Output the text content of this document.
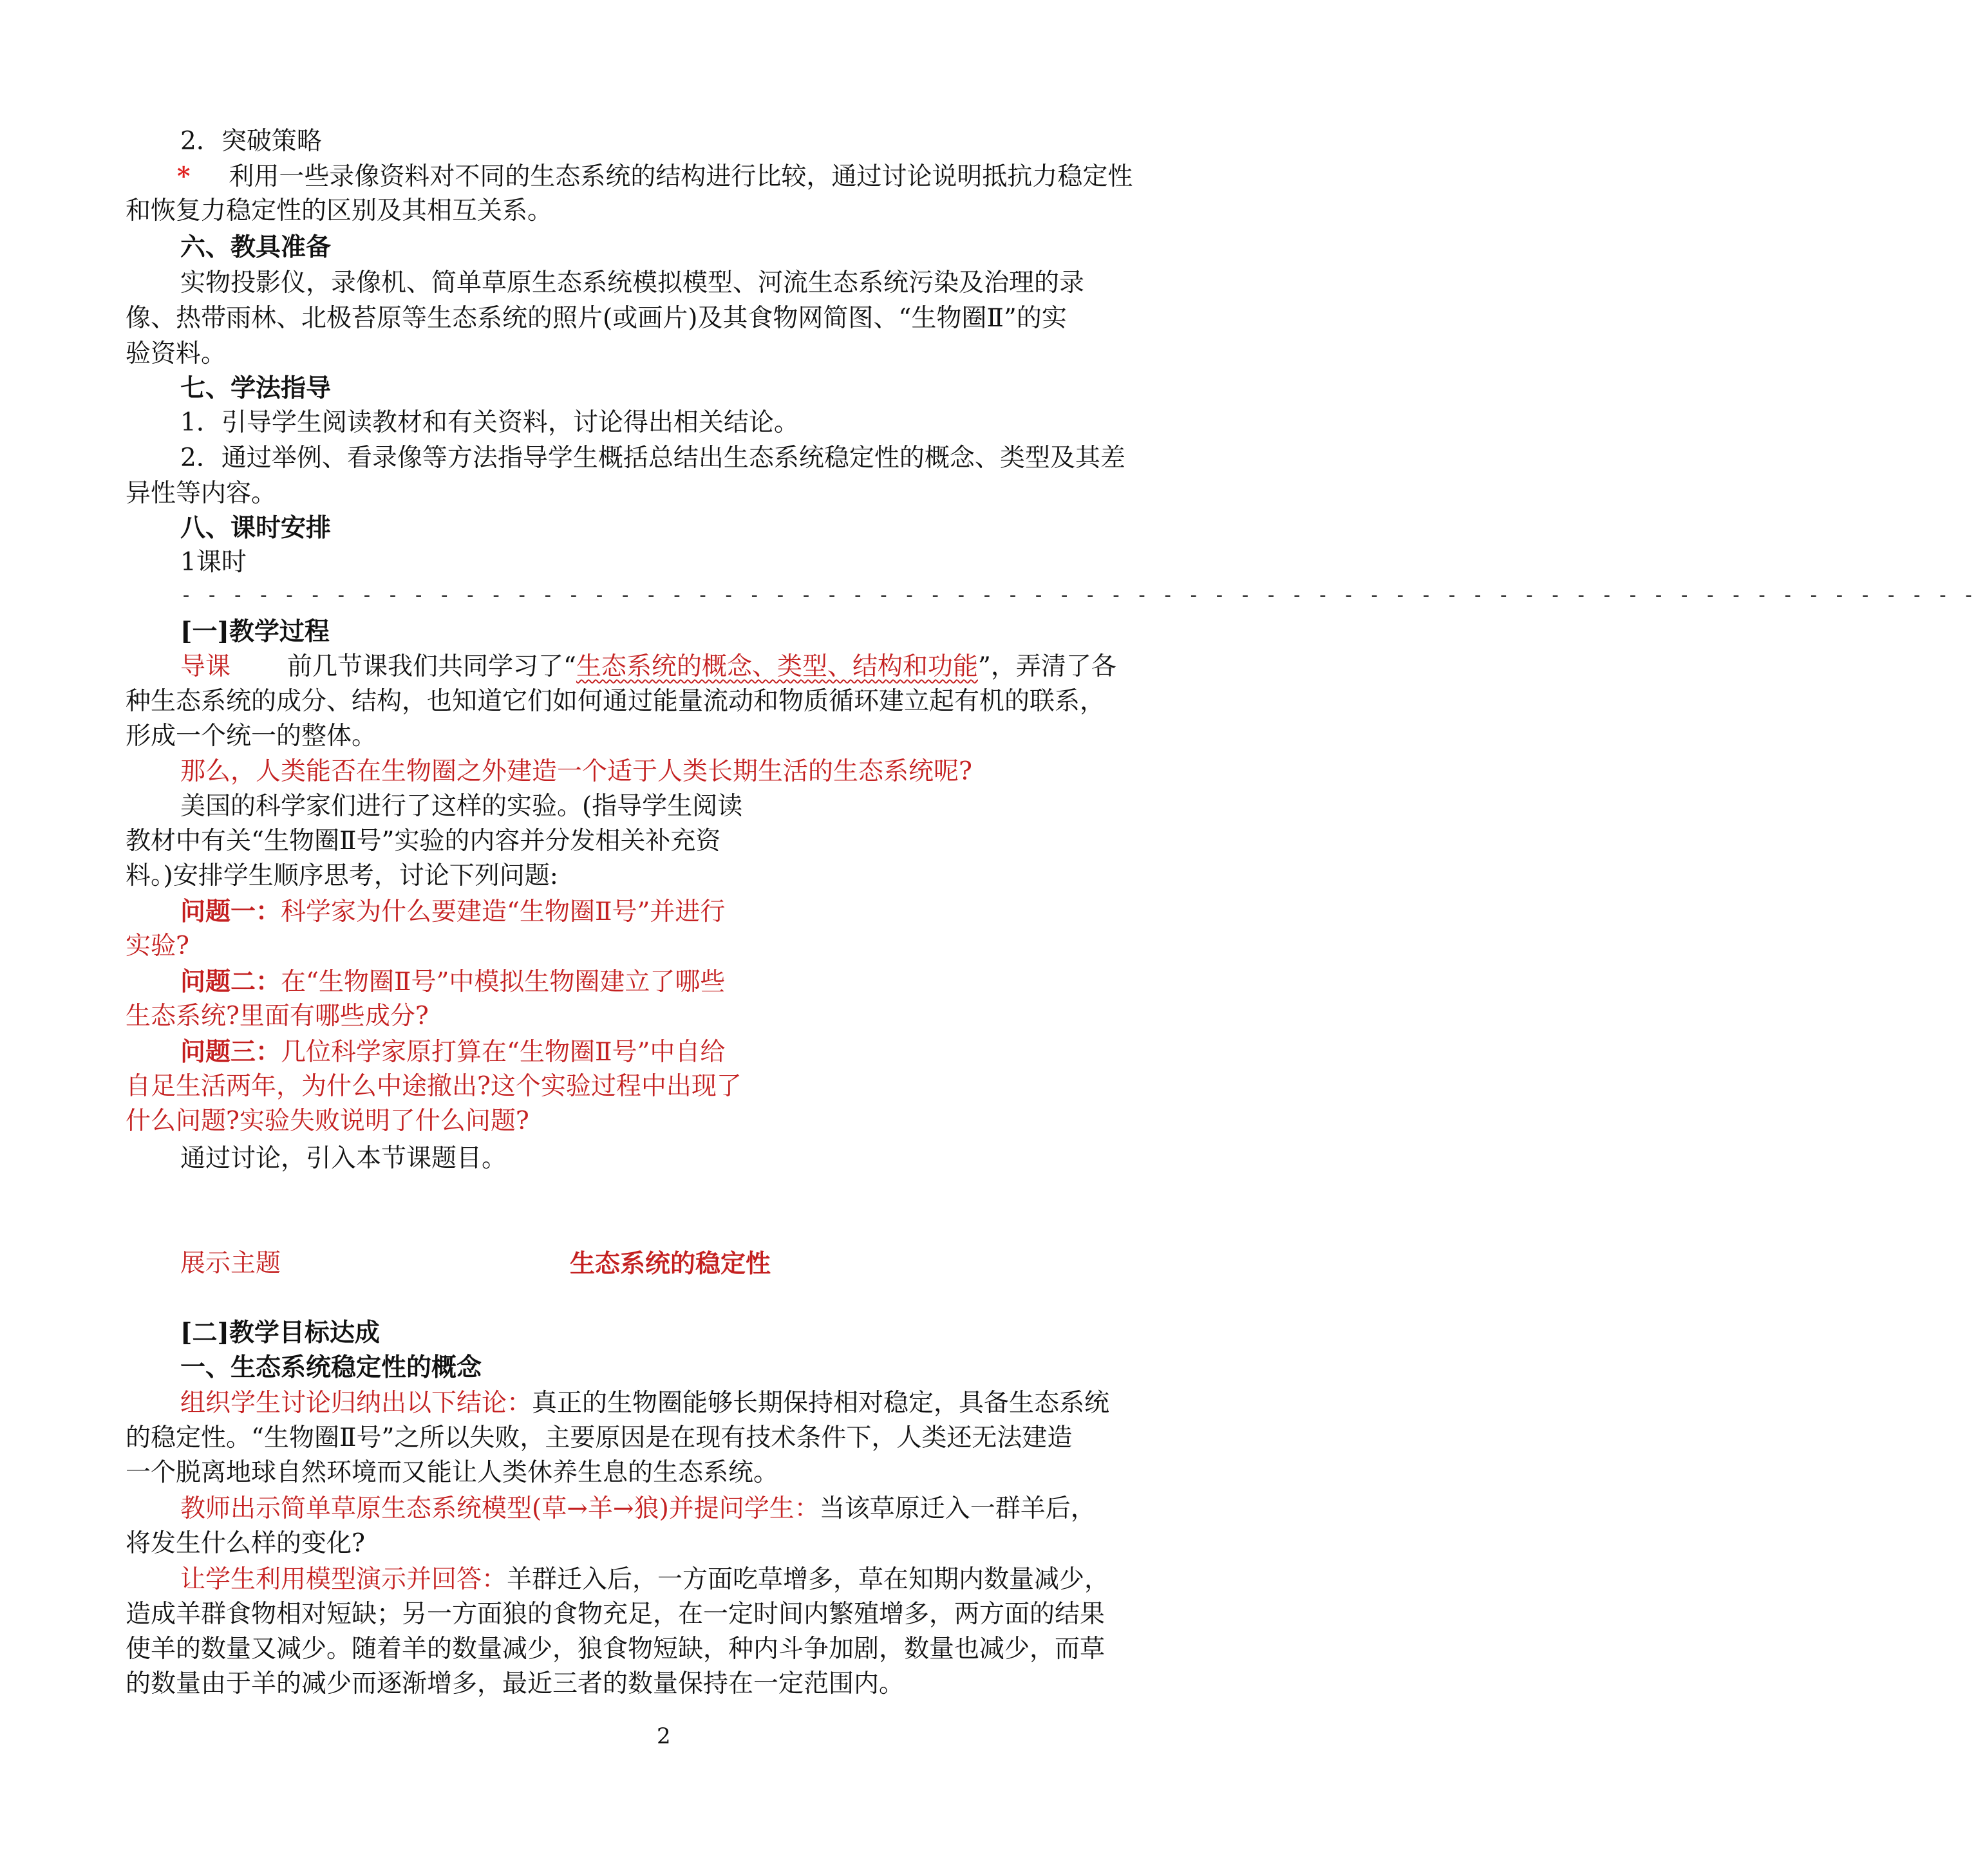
2．突破策略
* 利用一些录像资料对不同的生态系统的结构进行比较，通过讨论说明抵抗力稳定性
和恢复力稳定性的区别及其相互关系。
六、教具准备
实物投影仪，录像机、简单草原生态系统模拟模型、河流生态系统污染及治理的录
像、热带雨林、北极苔原等生态系统的照片(或画片)及其食物网简图、“生物圈Ⅱ”的实
验资料。
七、学法指导
1．引导学生阅读教材和有关资料，讨论得出相关结论。
2．通过举例、看录像等方法指导学生概括总结出生态系统稳定性的概念、类型及其差
异性等内容。
八、课时安排
1课时
- - - - - - - - - - - - - - - - - - - - - - - - - - - - - - - - - - - - - - - - - - - - - - - - - - - - - - - - - - - - - - - - - - - - - -
[一]教学过程
导课 前几节课我们共同学习了“生态系统的概念、类型、结构和功能”，弄清了各
种生态系统的成分、结构，也知道它们如何通过能量流动和物质循环建立起有机的联系，
形成一个统一的整体。
那么，人类能否在生物圈之外建造一个适于人类长期生活的生态系统呢?
美国的科学家们进行了这样的实验。(指导学生阅读
教材中有关“生物圈Ⅱ号”实验的内容并分发相关补充资
料。)安排学生顺序思考，讨论下列问题:
问题一：科学家为什么要建造“生物圈Ⅱ号”并进行
实验?
问题二：在“生物圈Ⅱ号”中模拟生物圈建立了哪些
生态系统?里面有哪些成分?
问题三：几位科学家原打算在“生物圈Ⅱ号”中自给
自足生活两年，为什么中途撤出?这个实验过程中出现了
什么问题?实验失败说明了什么问题?
通过讨论，引入本节课题目。
展示主题	生态系统的稳定性
[二]教学目标达成
一、生态系统稳定性的概念
组织学生讨论归纳出以下结论：真正的生物圈能够长期保持相对稳定，具备生态系统
的稳定性。“生物圈Ⅱ号”之所以失败，主要原因是在现有技术条件下，人类还无法建造
一个脱离地球自然环境而又能让人类休养生息的生态系统。
教师出示简单草原生态系统模型(草→羊→狼)并提问学生：当该草原迁入一群羊后，
将发生什么样的变化?
让学生利用模型演示并回答：羊群迁入后，一方面吃草增多，草在知期内数量减少，
造成羊群食物相对短缺；另一方面狼的食物充足，在一定时间内繁殖增多，两方面的结果
使羊的数量又减少。随着羊的数量减少，狼食物短缺，种内斗争加剧，数量也减少，而草
的数量由于羊的减少而逐渐增多，最近三者的数量保持在一定范围内。
2
